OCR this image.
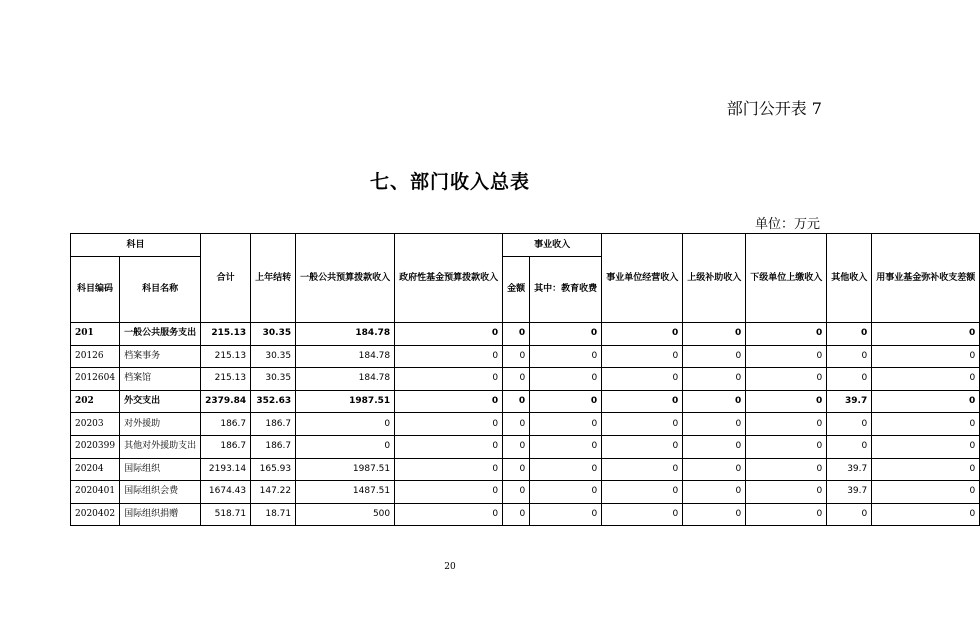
部门公开表 7
七、部门收入总表
单位：万元
科目		合计	上年结转	一般公共预算拨款收入	政府性基金预算拨款收入	事业收入		事业单位经营收入	上级补助收入	下级单位上缴收入	其他收入	用事业基金弥补收支差额
科目编码	科目名称					金额	其中：教育收费					
201	一般公共服务支出	215.13	30.35	184.78	0	0	0	0	0	0	0	0
20126	档案事务	215.13	30.35	184.78	0	0	0	0	0	0	0	0
2012604	档案馆	215.13	30.35	184.78	0	0	0	0	0	0	0	0
202	外交支出	2379.84	352.63	1987.51	0	0	0	0	0	0	39.7	0
20203	对外援助	186.7	186.7	0	0	0	0	0	0	0	0	0
2020399	其他对外援助支出	186.7	186.7	0	0	0	0	0	0	0	0	0
20204	国际组织	2193.14	165.93	1987.51	0	0	0	0	0	0	39.7	0
2020401	国际组织会费	1674.43	147.22	1487.51	0	0	0	0	0	0	39.7	0
2020402	国际组织捐赠	518.71	18.71	500	0	0	0	0	0	0	0	0
20
